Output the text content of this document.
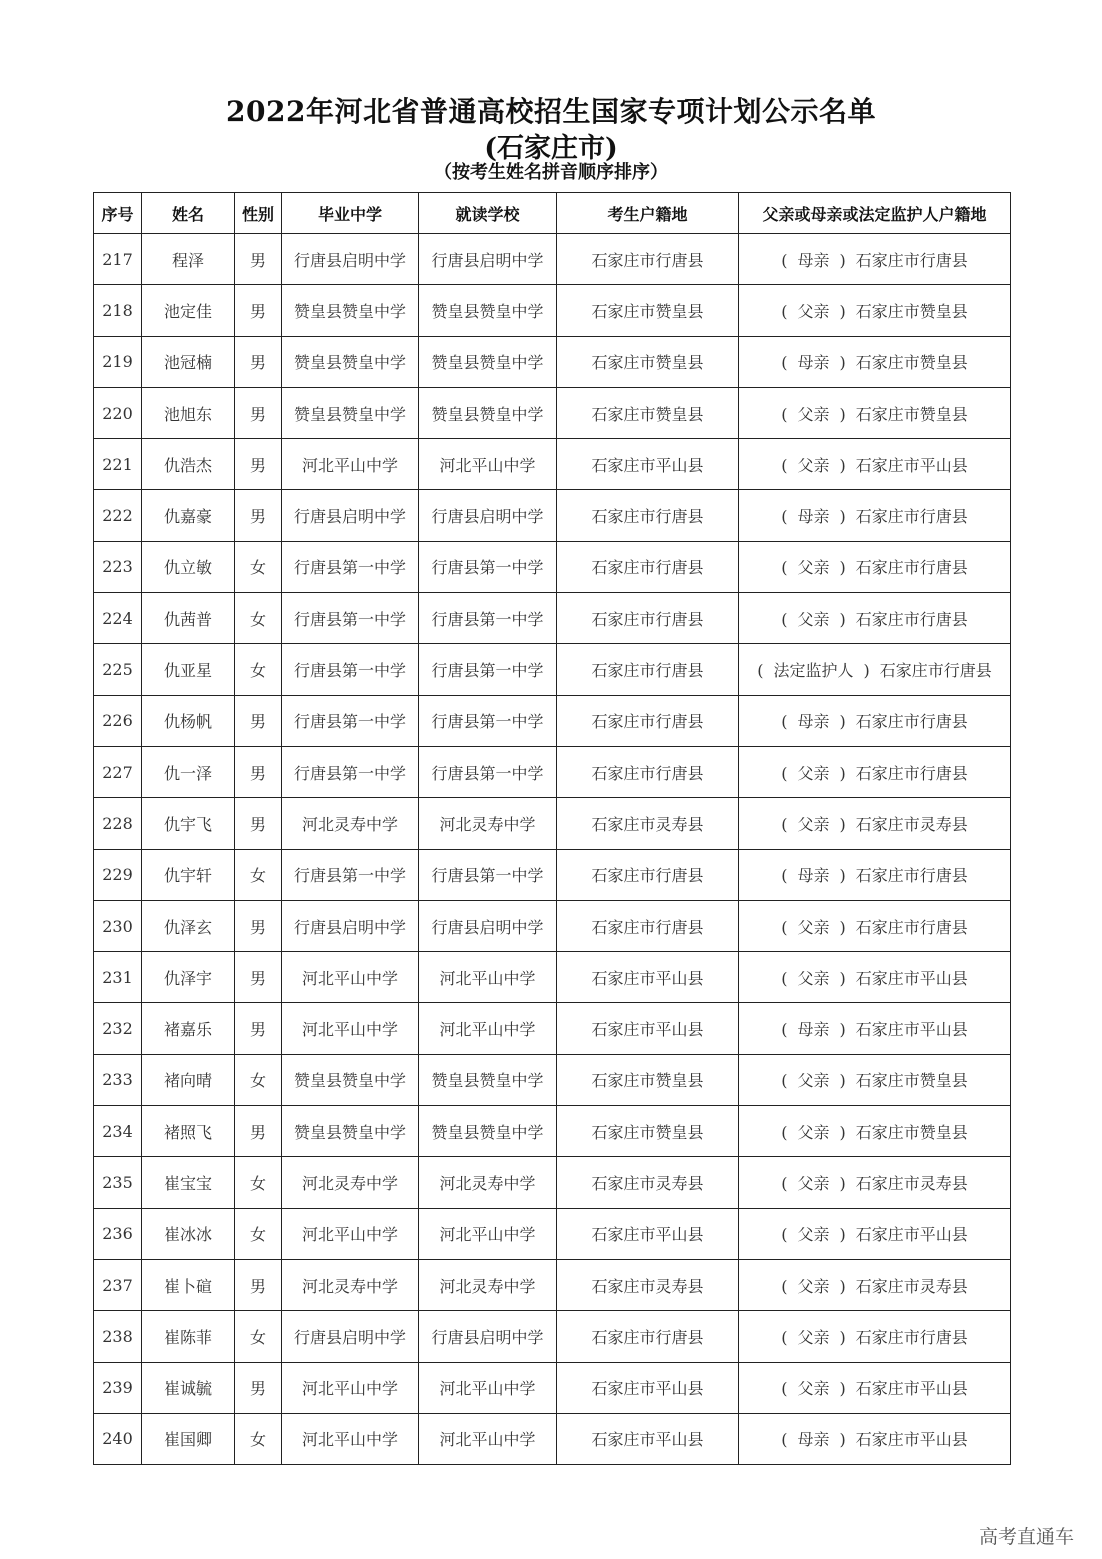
2022年河北省普通高校招生国家专项计划公示名单
(石家庄市)
（按考生姓名拼音顺序排序）
序号	姓名	性别	毕业中学	就读学校	考生户籍地	父亲或母亲或法定监护人户籍地
217	程泽	男	行唐县启明中学	行唐县启明中学	石家庄市行唐县	( 母亲 ) 石家庄市行唐县
218	池定佳	男	赞皇县赞皇中学	赞皇县赞皇中学	石家庄市赞皇县	( 父亲 ) 石家庄市赞皇县
219	池冠楠	男	赞皇县赞皇中学	赞皇县赞皇中学	石家庄市赞皇县	( 母亲 ) 石家庄市赞皇县
220	池旭东	男	赞皇县赞皇中学	赞皇县赞皇中学	石家庄市赞皇县	( 父亲 ) 石家庄市赞皇县
221	仇浩杰	男	河北平山中学	河北平山中学	石家庄市平山县	( 父亲 ) 石家庄市平山县
222	仇嘉豪	男	行唐县启明中学	行唐县启明中学	石家庄市行唐县	( 母亲 ) 石家庄市行唐县
223	仇立敏	女	行唐县第一中学	行唐县第一中学	石家庄市行唐县	( 父亲 ) 石家庄市行唐县
224	仇茜普	女	行唐县第一中学	行唐县第一中学	石家庄市行唐县	( 父亲 ) 石家庄市行唐县
225	仇亚星	女	行唐县第一中学	行唐县第一中学	石家庄市行唐县	( 法定监护人 ) 石家庄市行唐县
226	仇杨帆	男	行唐县第一中学	行唐县第一中学	石家庄市行唐县	( 母亲 ) 石家庄市行唐县
227	仇一泽	男	行唐县第一中学	行唐县第一中学	石家庄市行唐县	( 父亲 ) 石家庄市行唐县
228	仇宇飞	男	河北灵寿中学	河北灵寿中学	石家庄市灵寿县	( 父亲 ) 石家庄市灵寿县
229	仇宇轩	女	行唐县第一中学	行唐县第一中学	石家庄市行唐县	( 母亲 ) 石家庄市行唐县
230	仇泽玄	男	行唐县启明中学	行唐县启明中学	石家庄市行唐县	( 父亲 ) 石家庄市行唐县
231	仇泽宇	男	河北平山中学	河北平山中学	石家庄市平山县	( 父亲 ) 石家庄市平山县
232	褚嘉乐	男	河北平山中学	河北平山中学	石家庄市平山县	( 母亲 ) 石家庄市平山县
233	褚向晴	女	赞皇县赞皇中学	赞皇县赞皇中学	石家庄市赞皇县	( 父亲 ) 石家庄市赞皇县
234	褚照飞	男	赞皇县赞皇中学	赞皇县赞皇中学	石家庄市赞皇县	( 父亲 ) 石家庄市赞皇县
235	崔宝宝	女	河北灵寿中学	河北灵寿中学	石家庄市灵寿县	( 父亲 ) 石家庄市灵寿县
236	崔冰冰	女	河北平山中学	河北平山中学	石家庄市平山县	( 父亲 ) 石家庄市平山县
237	崔卜碹	男	河北灵寿中学	河北灵寿中学	石家庄市灵寿县	( 父亲 ) 石家庄市灵寿县
238	崔陈菲	女	行唐县启明中学	行唐县启明中学	石家庄市行唐县	( 父亲 ) 石家庄市行唐县
239	崔诚毓	男	河北平山中学	河北平山中学	石家庄市平山县	( 父亲 ) 石家庄市平山县
240	崔国卿	女	河北平山中学	河北平山中学	石家庄市平山县	( 母亲 ) 石家庄市平山县
高考直通车
